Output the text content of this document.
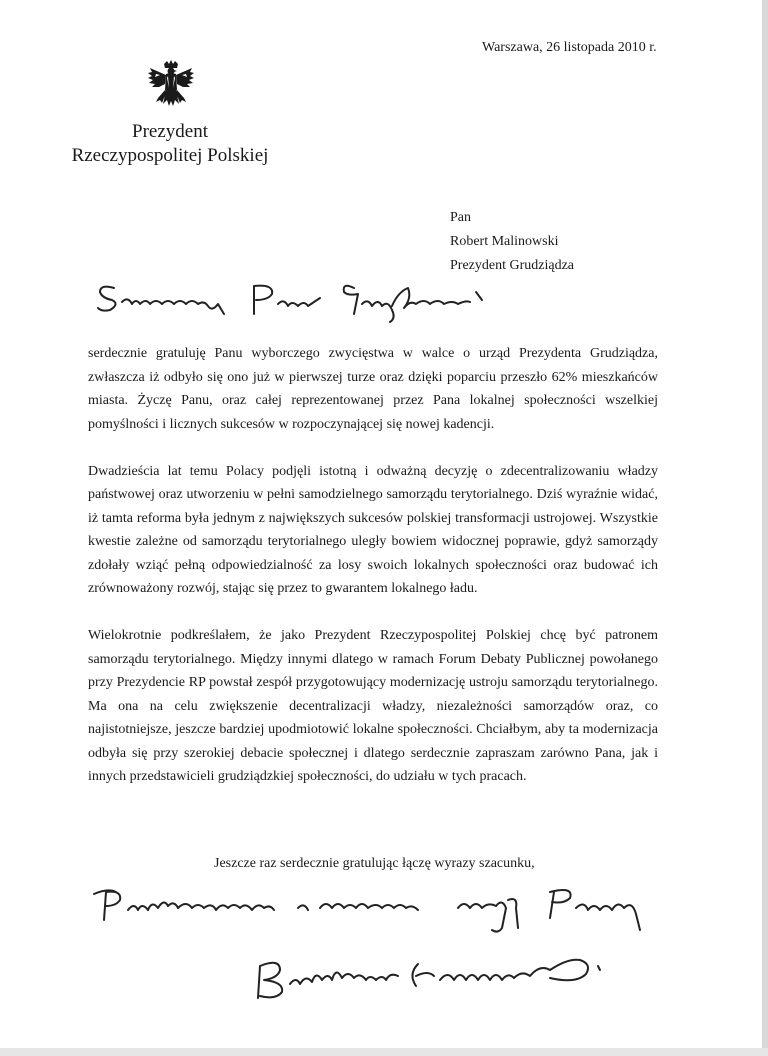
Warszawa, 26 listopada 2010 r.
Prezydent
Rzeczypospolitej Polskiej
Pan
Robert Malinowski
Prezydent Grudziądza

serdecznie gratuluję Panu wyborczego zwycięstwa w walce o urząd Prezydenta Grudziądza, zwłaszcza iż odbyło się ono już w pierwszej turze oraz dzięki poparciu przeszło 62% mieszkańców miasta. Życzę Panu, oraz całej reprezentowanej przez Pana lokalnej społeczności wszelkiej pomyślności i licznych sukcesów w rozpoczynającej się nowej kadencji.

Dwadzieścia lat temu Polacy podjęli istotną i odważną decyzję o zdecentralizowaniu władzy państwowej oraz utworzeniu w pełni samodzielnego samorządu terytorialnego. Dziś wyraźnie widać, iż tamta reforma była jednym z największych sukcesów polskiej transformacji ustrojowej. Wszystkie kwestie zależne od samorządu terytorialnego uległy bowiem widocznej poprawie, gdyż samorządy zdołały wziąć pełną odpowiedzialność za losy swoich lokalnych społeczności oraz budować ich zrównoważony rozwój, stając się przez to gwarantem lokalnego ładu.

Wielokrotnie podkreślałem, że jako Prezydent Rzeczypospolitej Polskiej chcę być patronem samorządu terytorialnego. Między innymi dlatego w ramach Forum Debaty Publicznej powołanego przy Prezydencie RP powstał zespół przygotowujący modernizację ustroju samorządu terytorialnego. Ma ona na celu zwiększenie decentralizacji władzy, niezależności samorządów oraz, co najistotniejsze, jeszcze bardziej upodmiotowić lokalne społeczności. Chciałbym, aby ta modernizacja odbyła się przy szerokiej debacie społecznej i dlatego serdecznie zapraszam zarówno Pana, jak i innych przedstawicieli grudziądzkiej społeczności, do udziału w tych pracach.

Jeszcze raz serdecznie gratulując łączę wyrazy szacunku,
